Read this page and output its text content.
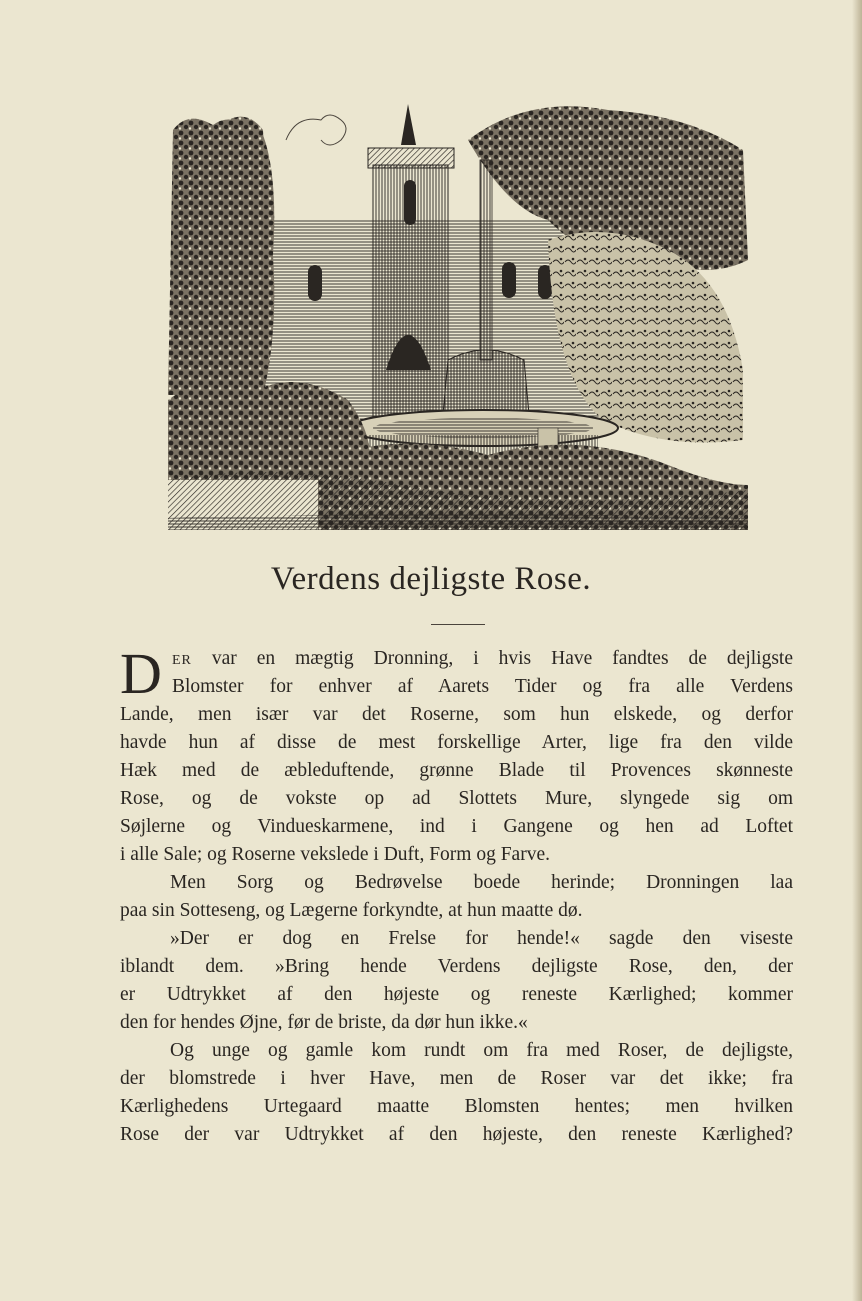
Verdens dejligste Rose.
D ER var en mægtig Dronning, i hvis Have fandtes de dejligste
Blomster for enhver af Aarets Tider og fra alle Verdens
Lande, men især var det Roserne, som hun elskede, og derfor
havde hun af disse de mest forskellige Arter, lige fra den vilde
Hæk med de æbleduftende, grønne Blade til Provences skønneste
Rose, og de vokste op ad Slottets Mure, slyngede sig om
Søjlerne og Vindueskarmene, ind i Gangene og hen ad Loftet
i alle Sale; og Roserne vekslede i Duft, Form og Farve.
Men Sorg og Bedrøvelse boede herinde; Dronningen laa
paa sin Sotteseng, og Lægerne forkyndte, at hun maatte dø.
»Der er dog en Frelse for hende!« sagde den viseste
iblandt dem. »Bring hende Verdens dejligste Rose, den, der
er Udtrykket af den højeste og reneste Kærlighed; kommer
den for hendes Øjne, før de briste, da dør hun ikke.«
Og unge og gamle kom rundt om fra med Roser, de dejligste,
der blomstrede i hver Have, men de Roser var det ikke; fra
Kærlighedens Urtegaard maatte Blomsten hentes; men hvilken
Rose der var Udtrykket af den højeste, den reneste Kærlighed?
